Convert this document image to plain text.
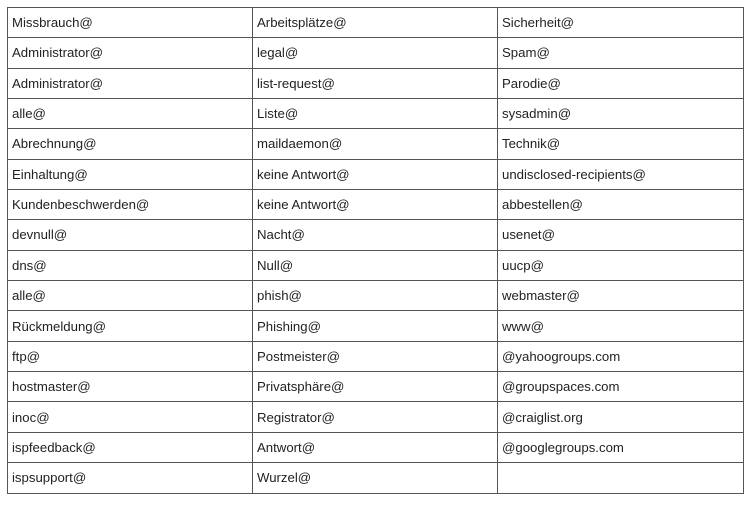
Missbrauch@	Arbeitsplätze@	Sicherheit@
Administrator@	legal@	Spam@
Administrator@	list-request@	Parodie@
alle@	Liste@	sysadmin@
Abrechnung@	maildaemon@	Technik@
Einhaltung@	keine Antwort@	undisclosed-recipients@
Kundenbeschwerden@	keine Antwort@	abbestellen@
devnull@	Nacht@	usenet@
dns@	Null@	uucp@
alle@	phish@	webmaster@
Rückmeldung@	Phishing@	www@
ftp@	Postmeister@	@yahoogroups.com
hostmaster@	Privatsphäre@	@groupspaces.com
inoc@	Registrator@	@craiglist.org
ispfeedback@	Antwort@	@googlegroups.com
ispsupport@	Wurzel@	
